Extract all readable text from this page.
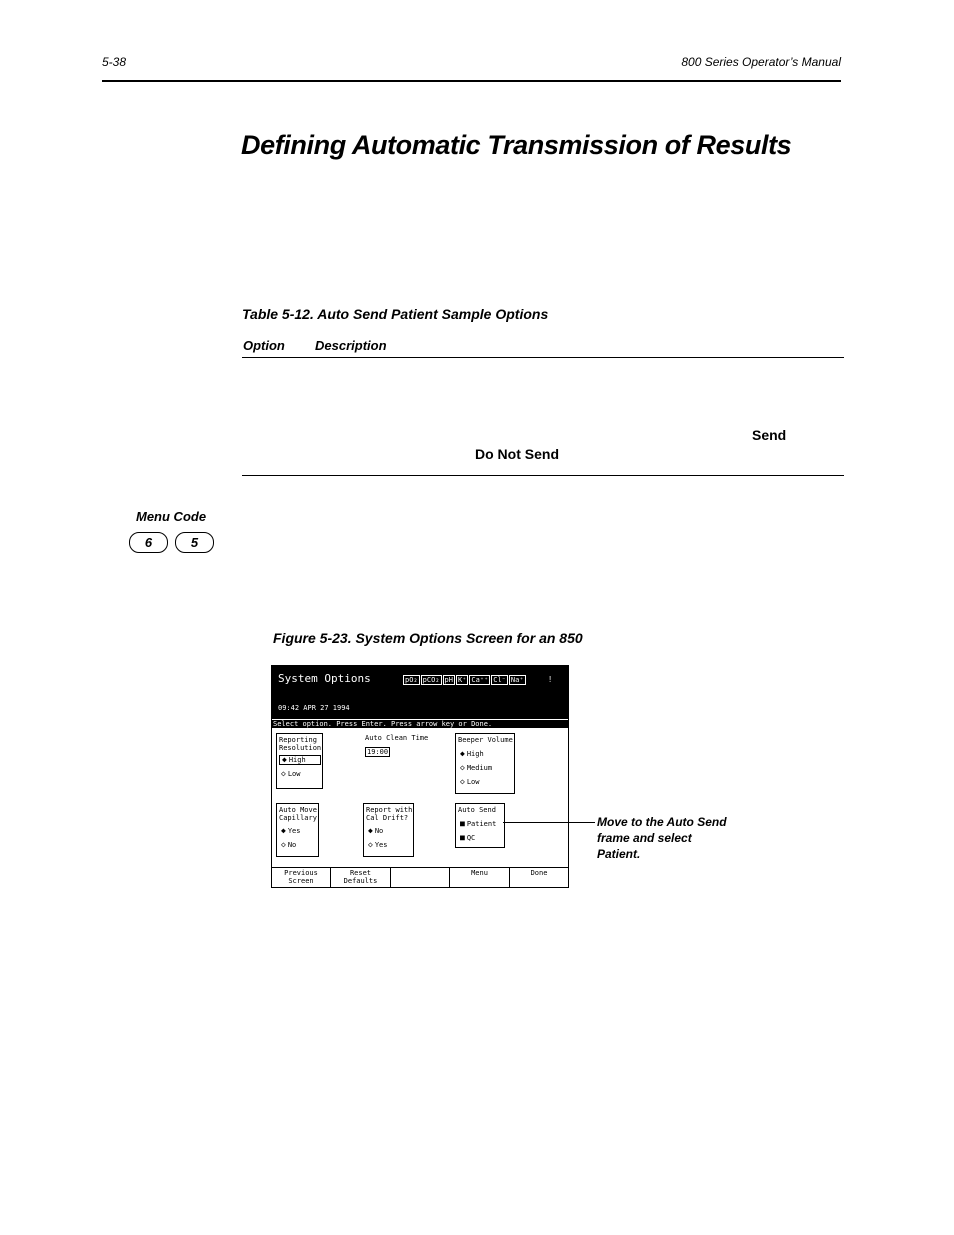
5-38	800 Series Operator’s Manual
Defining Automatic Transmission of Results
Table 5-12. Auto Send Patient Sample Options
Option Description
Send
Do Not Send
Menu Code
6	5
Figure 5-23. System Options Screen for an 850
System Options	pO₂ pCO₂ pH K⁺ Ca⁺⁺ Cl⁻ Na⁺	!
09:42 APR 27 1994
Select option. Press Enter. Press arrow key or Done.
Reporting
Resolution
◆ High
◇ Low
Auto Clean Time
19:00
Beeper Volume
◆ High
◇ Medium
◇ Low
Auto Move
Capillary
◆ Yes
◇ No
Report with
Cal Drift?
◆ No
◇ Yes
Auto Send
■ Patient
■ QC
Previous
Screen
Reset
Defaults
Menu	Done
Move to the Auto Send
frame and select
Patient.
